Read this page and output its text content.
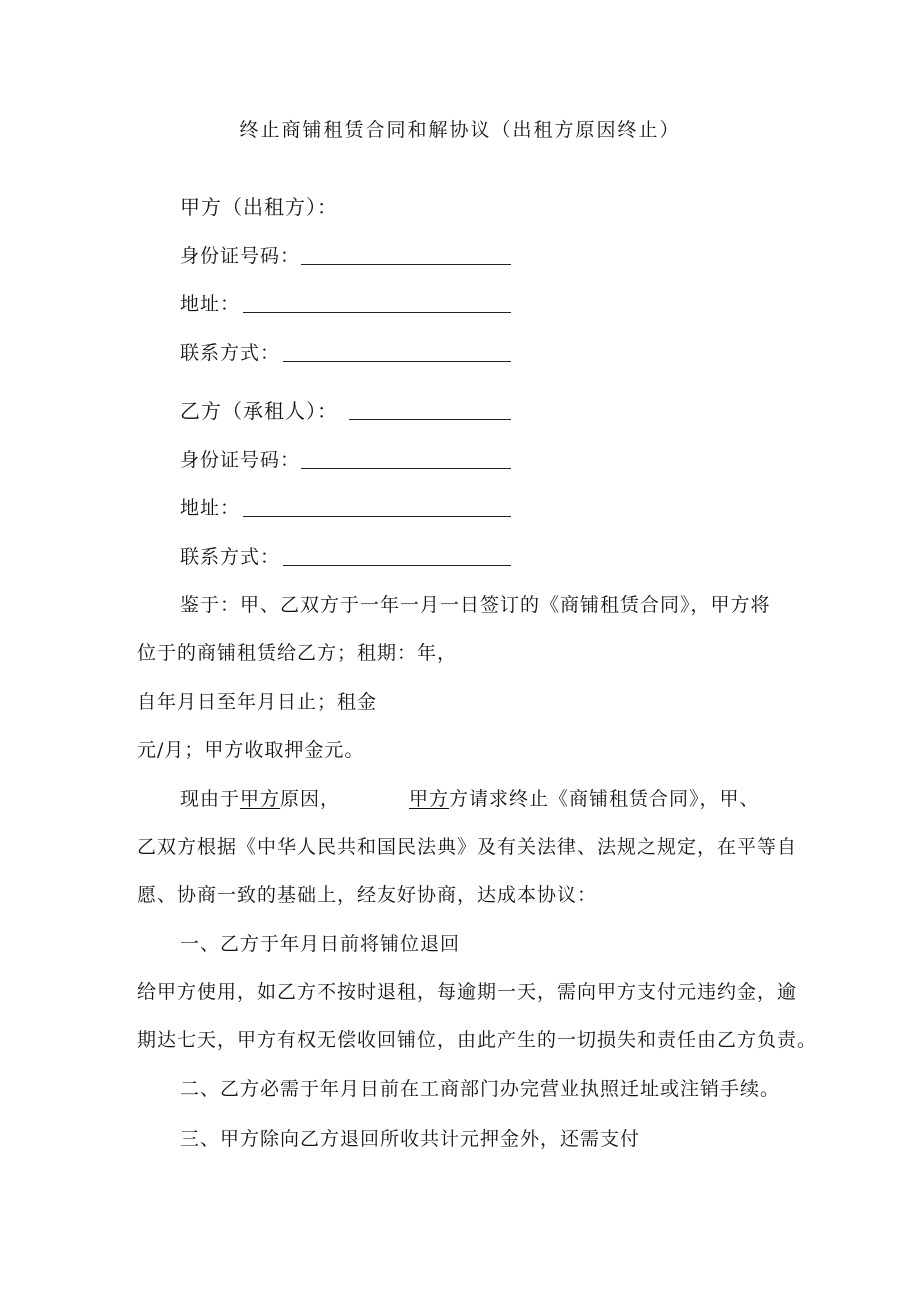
终止商铺租赁合同和解协议（出租方原因终止）
甲方（出租方）：
身份证号码：
地址：
联系方式：
乙方（承租人）：
身份证号码：
地址：
联系方式：
鉴于：甲、乙双方于一年一月一日签订的《商铺租赁合同》，甲方将
位于的商铺租赁给乙方；租期：年，
自年月日至年月日止；租金
元/月；甲方收取押金元。
现由于甲方原因，	甲方方请求终止《商铺租赁合同》，甲、
乙双方根据《中华人民共和国民法典》及有关法律、法规之规定，在平等自
愿、协商一致的基础上，经友好协商，达成本协议：
一、乙方于年月日前将铺位退回
给甲方使用，如乙方不按时退租，每逾期一天，需向甲方支付元违约金，逾
期达七天，甲方有权无偿收回铺位，由此产生的一切损失和责任由乙方负责。
二、乙方必需于年月日前在工商部门办完营业执照迁址或注销手续。
三、甲方除向乙方退回所收共计元押金外，还需支付
